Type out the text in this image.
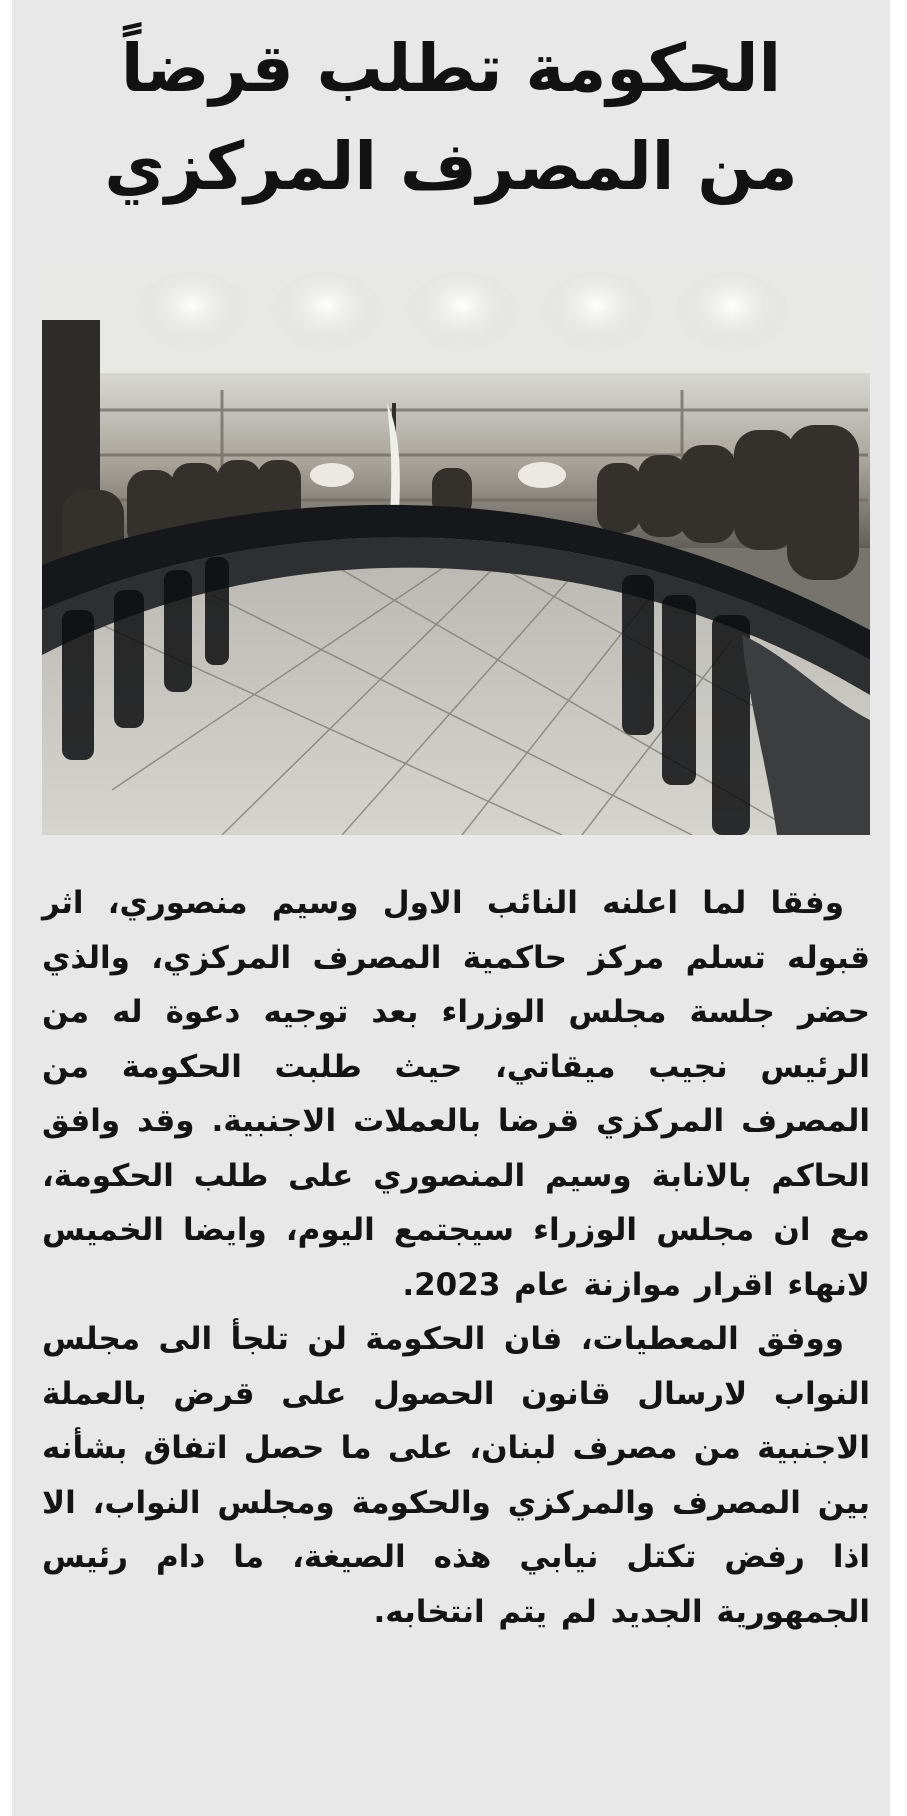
الحكومة تطلب قرضاً
من المصرف المركزي

وفقا لما اعلنه النائب الاول وسيم منصوري، اثر قبوله تسلم مركز حاكمية المصرف المركزي، والذي حضر جلسة مجلس الوزراء بعد توجيه دعوة له من الرئيس نجيب ميقاتي، حيث طلبت الحكومة من المصرف المركزي قرضا بالعملات الاجنبية. وقد وافق الحاكم بالانابة وسيم المنصوري على طلب الحكومة، مع ان مجلس الوزراء سيجتمع اليوم، وايضا الخميس لانهاء اقرار موازنة عام 2023.

ووفق المعطيات، فان الحكومة لن تلجأ الى مجلس النواب لارسال قانون الحصول على قرض بالعملة الاجنبية من مصرف لبنان، على ما حصل اتفاق بشأنه بين المصرف والمركزي والحكومة ومجلس النواب، الا اذا رفض تكتل نيابي هذه الصيغة، ما دام رئيس الجمهورية الجديد لم يتم انتخابه.
